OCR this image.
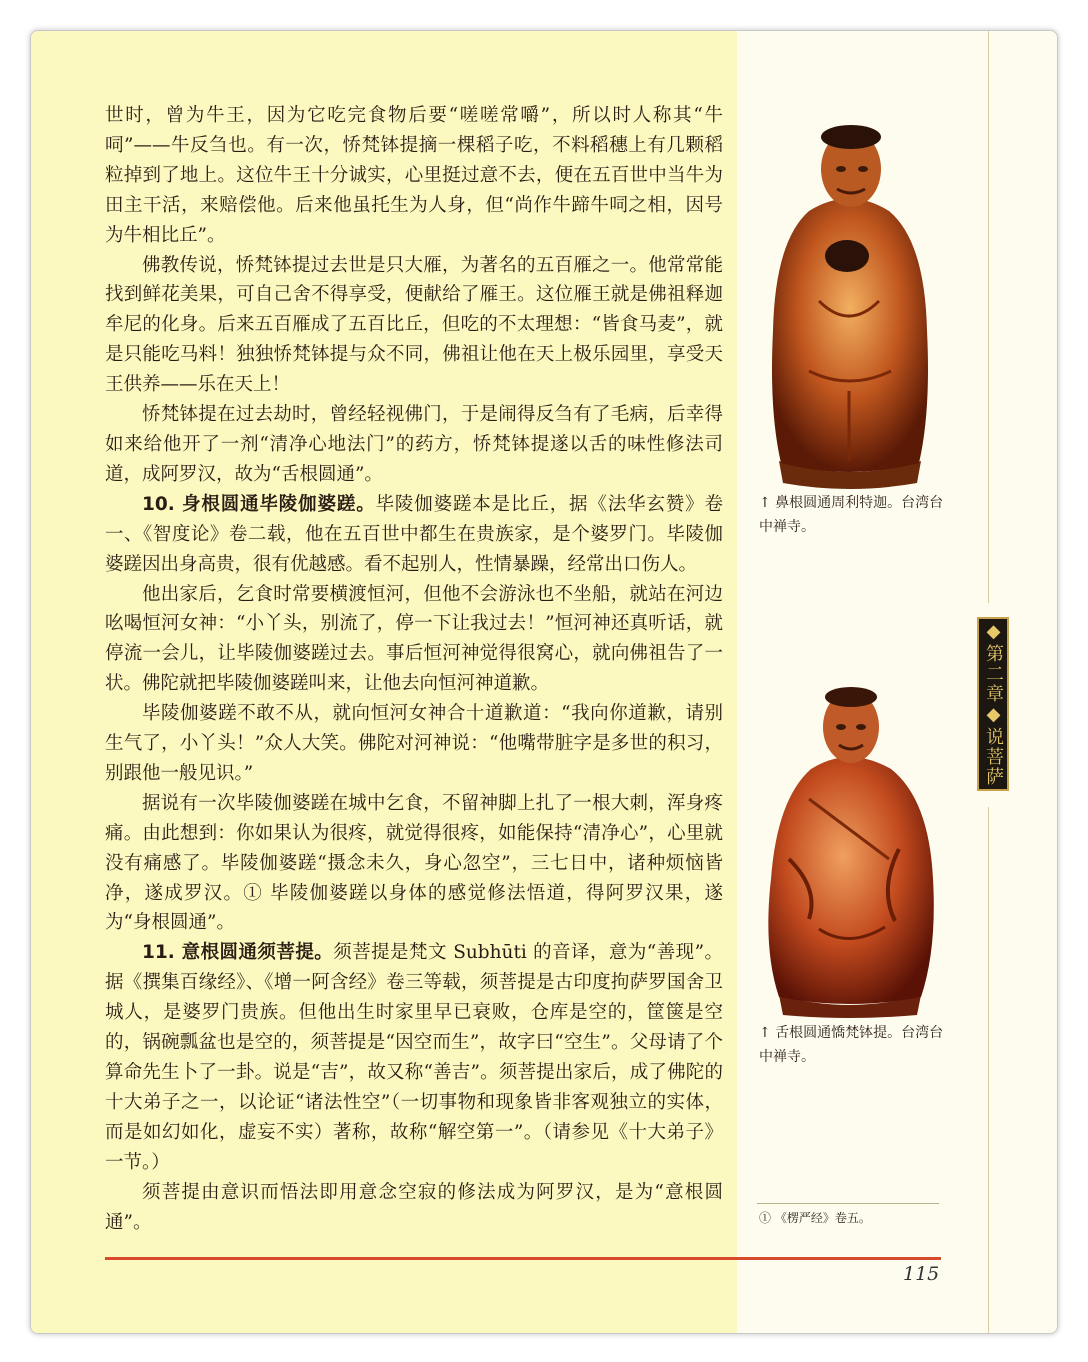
世时，曾为牛王，因为它吃完食物后要“嗟嗟常嚼”，所以时人称其“牛呞”——牛反刍也。有一次，㤭梵钵提摘一棵稻子吃，不料稻穗上有几颗稻粒掉到了地上。这位牛王十分诚实，心里挺过意不去，便在五百世中当牛为田主干活，来赔偿他。后来他虽托生为人身，但“尚作牛蹄牛呞之相，因号为牛相比丘”。

佛教传说，㤭梵钵提过去世是只大雁，为著名的五百雁之一。他常常能找到鲜花美果，可自己舍不得享受，便献给了雁王。这位雁王就是佛祖释迦牟尼的化身。后来五百雁成了五百比丘，但吃的不太理想：“皆食马麦”，就是只能吃马料！独独㤭梵钵提与众不同，佛祖让他在天上极乐园里，享受天王供养——乐在天上！

㤭梵钵提在过去劫时，曾经轻视佛门，于是闹得反刍有了毛病，后幸得如来给他开了一剂“清净心地法门”的药方，㤭梵钵提遂以舌的味性修法司道，成阿罗汉，故为“舌根圆通”。

10. 身根圆通毕陵伽婆蹉。毕陵伽婆蹉本是比丘，据《法华玄赞》卷一、《智度论》卷二载，他在五百世中都生在贵族家，是个婆罗门。毕陵伽婆蹉因出身高贵，很有优越感。看不起别人，性情暴躁，经常出口伤人。

他出家后，乞食时常要横渡恒河，但他不会游泳也不坐船，就站在河边吆喝恒河女神：“小丫头，别流了，停一下让我过去！”恒河神还真听话，就停流一会儿，让毕陵伽婆蹉过去。事后恒河神觉得很窝心，就向佛祖告了一状。佛陀就把毕陵伽婆蹉叫来，让他去向恒河神道歉。

毕陵伽婆蹉不敢不从，就向恒河女神合十道歉道：“我向你道歉，请别生气了，小丫头！”众人大笑。佛陀对河神说：“他嘴带脏字是多世的积习，别跟他一般见识。”

据说有一次毕陵伽婆蹉在城中乞食，不留神脚上扎了一根大刺，浑身疼痛。由此想到：你如果认为很疼，就觉得很疼，如能保持“清净心”，心里就没有痛感了。毕陵伽婆蹉“摄念未久，身心忽空”，三七日中，诸种烦恼皆净，遂成罗汉。① 毕陵伽婆蹉以身体的感觉修法悟道，得阿罗汉果，遂为“身根圆通”。

11. 意根圆通须菩提。须菩提是梵文 Subhūti 的音译，意为“善现”。据《撰集百缘经》、《增一阿含经》卷三等载，须菩提是古印度拘萨罗国舍卫城人，是婆罗门贵族。但他出生时家里早已衰败，仓库是空的，筐箧是空的，锅碗瓢盆也是空的，须菩提是“因空而生”，故字曰“空生”。父母请了个算命先生卜了一卦。说是“吉”，故又称“善吉”。须菩提出家后，成了佛陀的十大弟子之一，以论证“诸法性空”（一切事物和现象皆非客观独立的实体，而是如幻如化，虚妄不实）著称，故称“解空第一”。（请参见《十大弟子》一节。）

须菩提由意识而悟法即用意念空寂的修法成为阿罗汉，是为“意根圆通”。

↑ 鼻根圆通周利特迦。台湾台中禅寺。
↑ 舌根圆通憍梵钵提。台湾台中禅寺。
◆第二章◆说菩萨
① 《楞严经》卷五。
115
